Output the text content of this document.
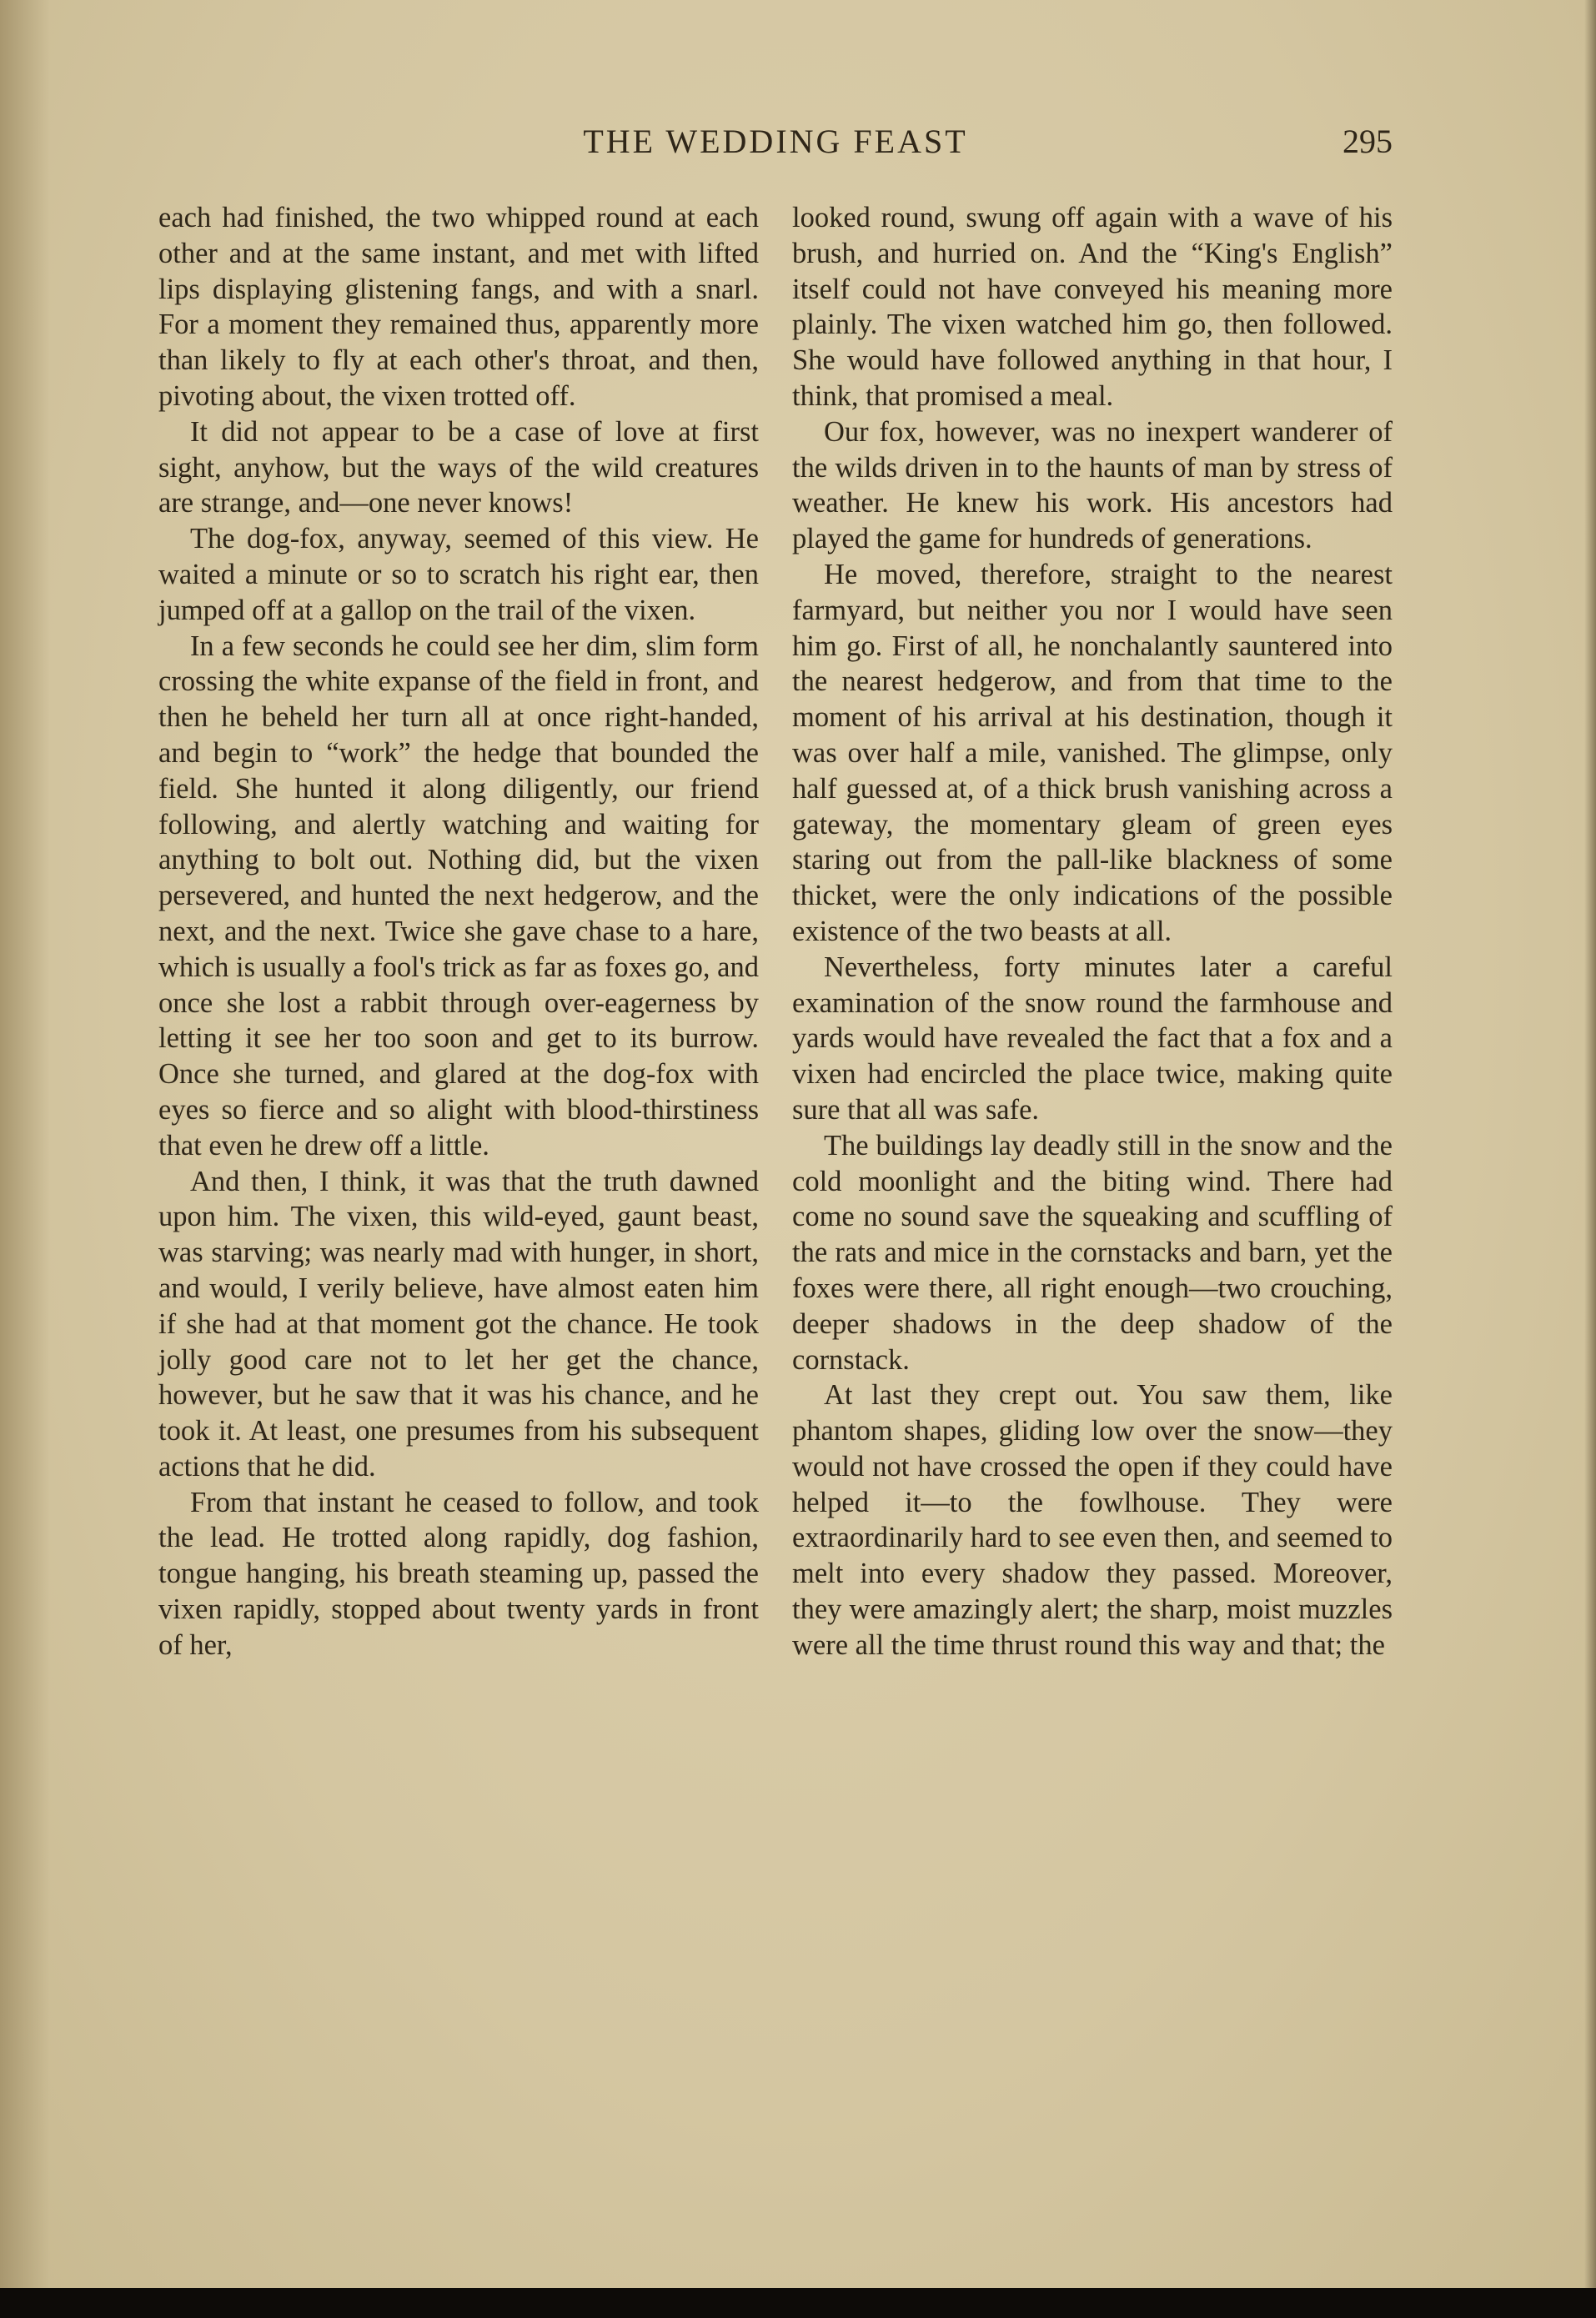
THE WEDDING FEAST	295

each had finished, the two whipped round at each other and at the same instant, and met with lifted lips displaying glistening fangs, and with a snarl. For a moment they remained thus, apparently more than likely to fly at each other's throat, and then, pivoting about, the vixen trotted off.

It did not appear to be a case of love at first sight, anyhow, but the ways of the wild creatures are strange, and—one never knows!

The dog-fox, anyway, seemed of this view. He waited a minute or so to scratch his right ear, then jumped off at a gallop on the trail of the vixen.

In a few seconds he could see her dim, slim form crossing the white expanse of the field in front, and then he beheld her turn all at once right-handed, and begin to “work” the hedge that bounded the field. She hunted it along diligently, our friend following, and alertly watching and waiting for anything to bolt out. Nothing did, but the vixen persevered, and hunted the next hedgerow, and the next, and the next. Twice she gave chase to a hare, which is usually a fool's trick as far as foxes go, and once she lost a rabbit through over-eagerness by letting it see her too soon and get to its burrow. Once she turned, and glared at the dog-fox with eyes so fierce and so alight with blood-thirstiness that even he drew off a little.

And then, I think, it was that the truth dawned upon him. The vixen, this wild-eyed, gaunt beast, was starving; was nearly mad with hunger, in short, and would, I verily believe, have almost eaten him if she had at that moment got the chance. He took jolly good care not to let her get the chance, however, but he saw that it was his chance, and he took it. At least, one presumes from his subsequent actions that he did.

From that instant he ceased to follow, and took the lead. He trotted along rapidly, dog fashion, tongue hanging, his breath steaming up, passed the vixen rapidly, stopped about twenty yards in front of her,

looked round, swung off again with a wave of his brush, and hurried on. And the “King's English” itself could not have conveyed his meaning more plainly. The vixen watched him go, then followed. She would have followed anything in that hour, I think, that promised a meal.

Our fox, however, was no inexpert wanderer of the wilds driven in to the haunts of man by stress of weather. He knew his work. His ancestors had played the game for hundreds of generations.

He moved, therefore, straight to the nearest farmyard, but neither you nor I would have seen him go. First of all, he nonchalantly sauntered into the nearest hedgerow, and from that time to the moment of his arrival at his destination, though it was over half a mile, vanished. The glimpse, only half guessed at, of a thick brush vanishing across a gateway, the momentary gleam of green eyes staring out from the pall-like blackness of some thicket, were the only indications of the possible existence of the two beasts at all.

Nevertheless, forty minutes later a careful examination of the snow round the farmhouse and yards would have revealed the fact that a fox and a vixen had encircled the place twice, making quite sure that all was safe.

The buildings lay deadly still in the snow and the cold moonlight and the biting wind. There had come no sound save the squeaking and scuffling of the rats and mice in the cornstacks and barn, yet the foxes were there, all right enough—two crouching, deeper shadows in the deep shadow of the cornstack.

At last they crept out. You saw them, like phantom shapes, gliding low over the snow—they would not have crossed the open if they could have helped it—to the fowlhouse. They were extraordinarily hard to see even then, and seemed to melt into every shadow they passed. Moreover, they were amazingly alert; the sharp, moist muzzles were all the time thrust round this way and that; the
